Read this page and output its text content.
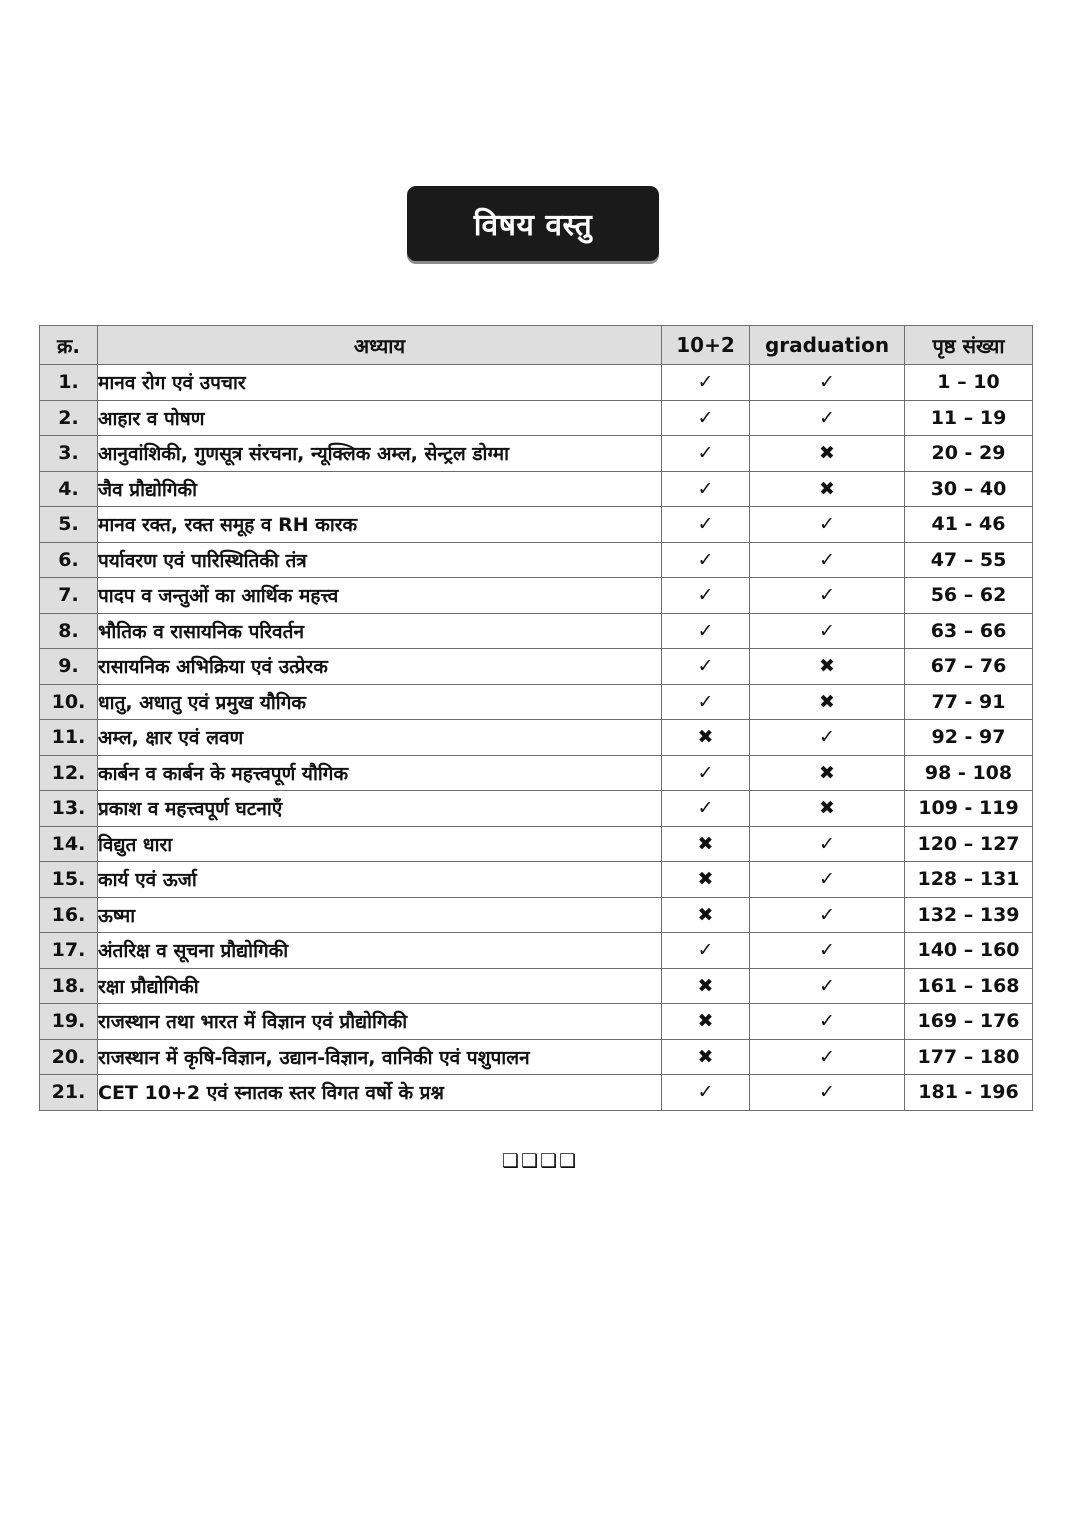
विषय वस्तु
क्र.	अध्याय	10+2	graduation	पृष्ठ संख्या
1.	मानव रोग एवं उपचार	✓	✓	1 – 10
2.	आहार व पोषण	✓	✓	11 – 19
3.	आनुवांशिकी, गुणसूत्र संरचना, न्यूक्लिक अम्ल, सेन्ट्रल डोग्मा	✓	✖	20 - 29
4.	जैव प्रौद्योगिकी	✓	✖	30 – 40
5.	मानव रक्त, रक्त समूह व RH कारक	✓	✓	41 - 46
6.	पर्यावरण एवं पारिस्थितिकी तंत्र	✓	✓	47 – 55
7.	पादप व जन्तुओं का आर्थिक महत्त्व	✓	✓	56 – 62
8.	भौतिक व रासायनिक परिवर्तन	✓	✓	63 – 66
9.	रासायनिक अभिक्रिया एवं उत्प्रेरक	✓	✖	67 – 76
10.	धातु, अधातु एवं प्रमुख यौगिक	✓	✖	77 - 91
11.	अम्ल, क्षार एवं लवण	✖	✓	92 - 97
12.	कार्बन व कार्बन के महत्त्वपूर्ण यौगिक	✓	✖	98 - 108
13.	प्रकाश व महत्त्वपूर्ण घटनाएँ	✓	✖	109 - 119
14.	विद्युत धारा	✖	✓	120 – 127
15.	कार्य एवं ऊर्जा	✖	✓	128 – 131
16.	ऊष्मा	✖	✓	132 – 139
17.	अंतरिक्ष व सूचना प्रौद्योगिकी	✓	✓	140 – 160
18.	रक्षा प्रौद्योगिकी	✖	✓	161 – 168
19.	राजस्थान तथा भारत में विज्ञान एवं प्रौद्योगिकी	✖	✓	169 – 176
20.	राजस्थान में कृषि-विज्ञान, उद्यान-विज्ञान, वानिकी एवं पशुपालन	✖	✓	177 – 180
21.	CET 10+2 एवं स्नातक स्तर विगत वर्षो के प्रश्न	✓	✓	181 - 196
❑❑❑❑
